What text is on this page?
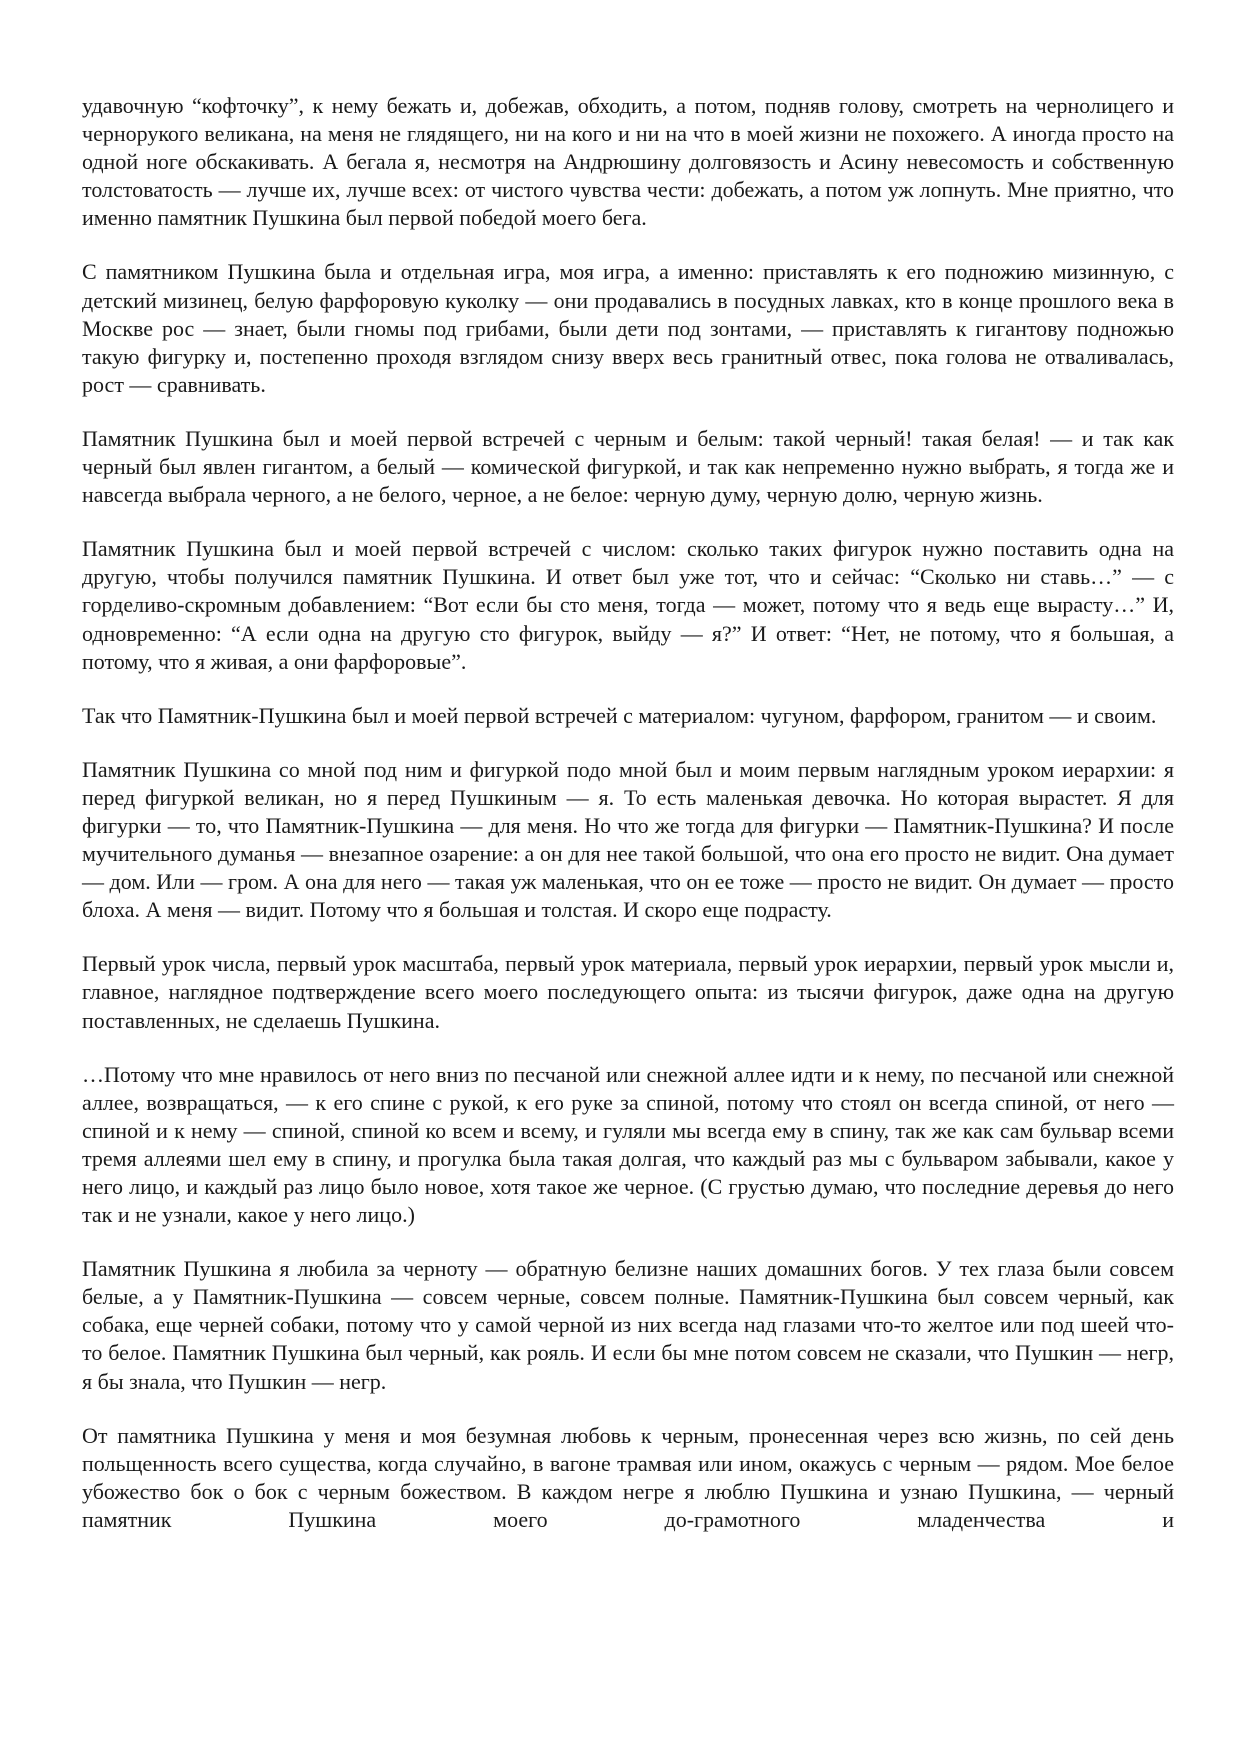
удавочную “кофточку”, к нему бежать и, добежав, обходить, а потом, подняв голову, смотреть на чернолицего и чернорукого великана, на меня не глядящего, ни на кого и ни на что в моей жизни не похожего. А иногда просто на одной ноге обскакивать. А бегала я, несмотря на Андрюшину долговязость и Асину невесомость и собственную толстоватость — лучше их, лучше всех: от чистого чувства чести: добежать, а потом уж лопнуть. Мне приятно, что именно памятник Пушкина был первой победой моего бега.

С памятником Пушкина была и отдельная игра, моя игра, а именно: приставлять к его подножию мизинную, с детский мизинец, белую фарфоровую куколку — они продавались в посудных лавках, кто в конце прошлого века в Москве рос — знает, были гномы под грибами, были дети под зонтами, — приставлять к гигантову подножью такую фигурку и, постепенно проходя взглядом снизу вверх весь гранитный отвес, пока голова не отваливалась, рост — сравнивать.

Памятник Пушкина был и моей первой встречей с черным и белым: такой черный! такая белая! — и так как черный был явлен гигантом, а белый — комической фигуркой, и так как непременно нужно выбрать, я тогда же и навсегда выбрала черного, а не белого, черное, а не белое: черную думу, черную долю, черную жизнь.

Памятник Пушкина был и моей первой встречей с числом: сколько таких фигурок нужно поставить одна на другую, чтобы получился памятник Пушкина. И ответ был уже тот, что и сейчас: “Сколько ни ставь…” — с горделиво-скромным добавлением: “Вот если бы сто меня, тогда — может, потому что я ведь еще вырасту…” И, одновременно: “А если одна на другую сто фигурок, выйду — я?” И ответ: “Нет, не потому, что я большая, а потому, что я живая, а они фарфоровые”.

Так что Памятник-Пушкина был и моей первой встречей с материалом: чугуном, фарфором, гранитом — и своим.

Памятник Пушкина со мной под ним и фигуркой подо мной был и моим первым наглядным уроком иерархии: я перед фигуркой великан, но я перед Пушкиным — я. То есть маленькая девочка. Но которая вырастет. Я для фигурки — то, что Памятник-Пушкина — для меня. Но что же тогда для фигурки — Памятник-Пушкина? И после мучительного думанья — внезапное озарение: а он для нее такой большой, что она его просто не видит. Она думает — дом. Или — гром. А она для него — такая уж маленькая, что он ее тоже — просто не видит. Он думает — просто блоха. А меня — видит. Потому что я большая и толстая. И скоро еще подрасту.

Первый урок числа, первый урок масштаба, первый урок материала, первый урок иерархии, первый урок мысли и, главное, наглядное подтверждение всего моего последующего опыта: из тысячи фигурок, даже одна на другую поставленных, не сделаешь Пушкина.

…Потому что мне нравилось от него вниз по песчаной или снежной аллее идти и к нему, по песчаной или снежной аллее, возвращаться, — к его спине с рукой, к его руке за спиной, потому что стоял он всегда спиной, от него — спиной и к нему — спиной, спиной ко всем и всему, и гуляли мы всегда ему в спину, так же как сам бульвар всеми тремя аллеями шел ему в спину, и прогулка была такая долгая, что каждый раз мы с бульваром забывали, какое у него лицо, и каждый раз лицо было новое, хотя такое же черное. (С грустью думаю, что последние деревья до него так и не узнали, какое у него лицо.)

Памятник Пушкина я любила за черноту — обратную белизне наших домашних богов. У тех глаза были совсем белые, а у Памятник-Пушкина — совсем черные, совсем полные. Памятник-Пушкина был совсем черный, как собака, еще черней собаки, потому что у самой черной из них всегда над глазами что-то желтое или под шеей что-то белое. Памятник Пушкина был черный, как рояль. И если бы мне потом совсем не сказали, что Пушкин — негр, я бы знала, что Пушкин — негр.

От памятника Пушкина у меня и моя безумная любовь к черным, пронесенная через всю жизнь, по сей день польщенность всего существа, когда случайно, в вагоне трамвая или ином, окажусь с черным — рядом. Мое белое убожество бок о бок с черным божеством. В каждом негре я люблю Пушкина и узнаю Пушкина, — черный памятник Пушкина моего до-грамотного младенчества и
